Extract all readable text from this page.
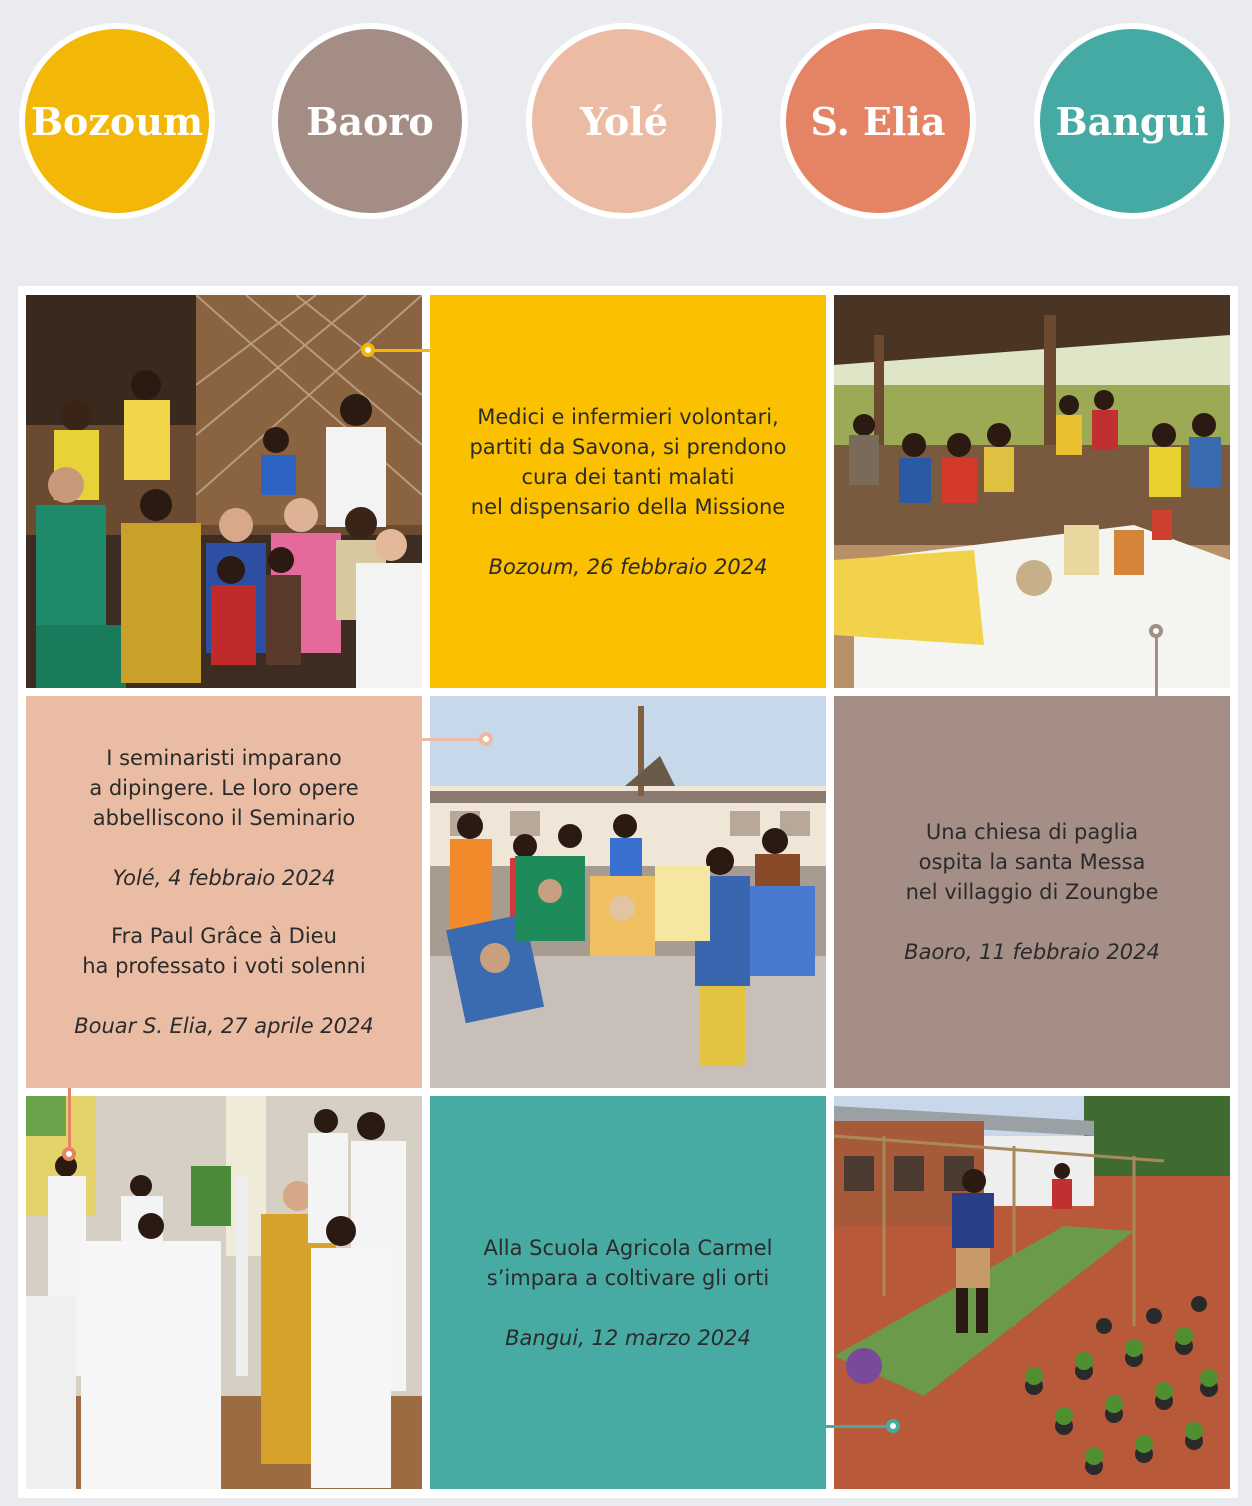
Bozoum	Baoro	Yolé	S. Elia	Bangui
Medici e infermieri volontari,
partiti da Savona, si prendono
cura dei tanti malati
nel dispensario della Missione
Bozoum, 26 febbraio 2024
I seminaristi imparano
a dipingere. Le loro opere
abbelliscono il Seminario
Yolé, 4 febbraio 2024
Fra Paul Grâce à Dieu
ha professato i voti solenni
Bouar S. Elia, 27 aprile 2024
Una chiesa di paglia
ospita la santa Messa
nel villaggio di Zoungbe
Baoro, 11 febbraio 2024
Alla Scuola Agricola Carmel
s’impara a coltivare gli orti
Bangui, 12 marzo 2024
